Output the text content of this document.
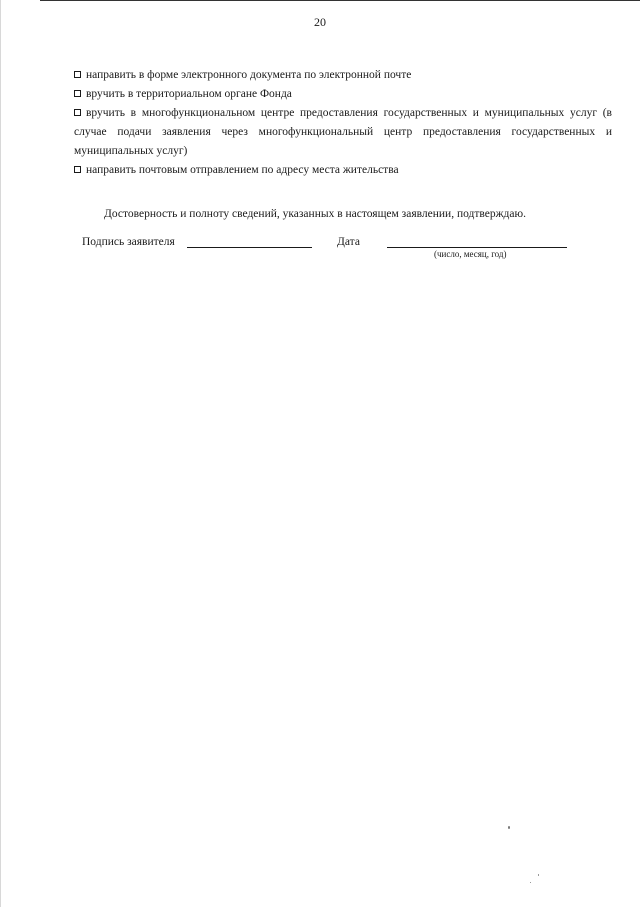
20
направить в форме электронного документа по электронной почте
вручить в территориальном органе Фонда
вручить в многофункциональном центре предоставления государственных и муниципальных услуг (в случае подачи заявления через многофункциональный центр предоставления государственных и муниципальных услуг)
направить почтовым отправлением по адресу места жительства
Достоверность и полноту сведений, указанных в настоящем заявлении, подтверждаю.
Подпись заявителя	Дата
(число, месяц, год)
